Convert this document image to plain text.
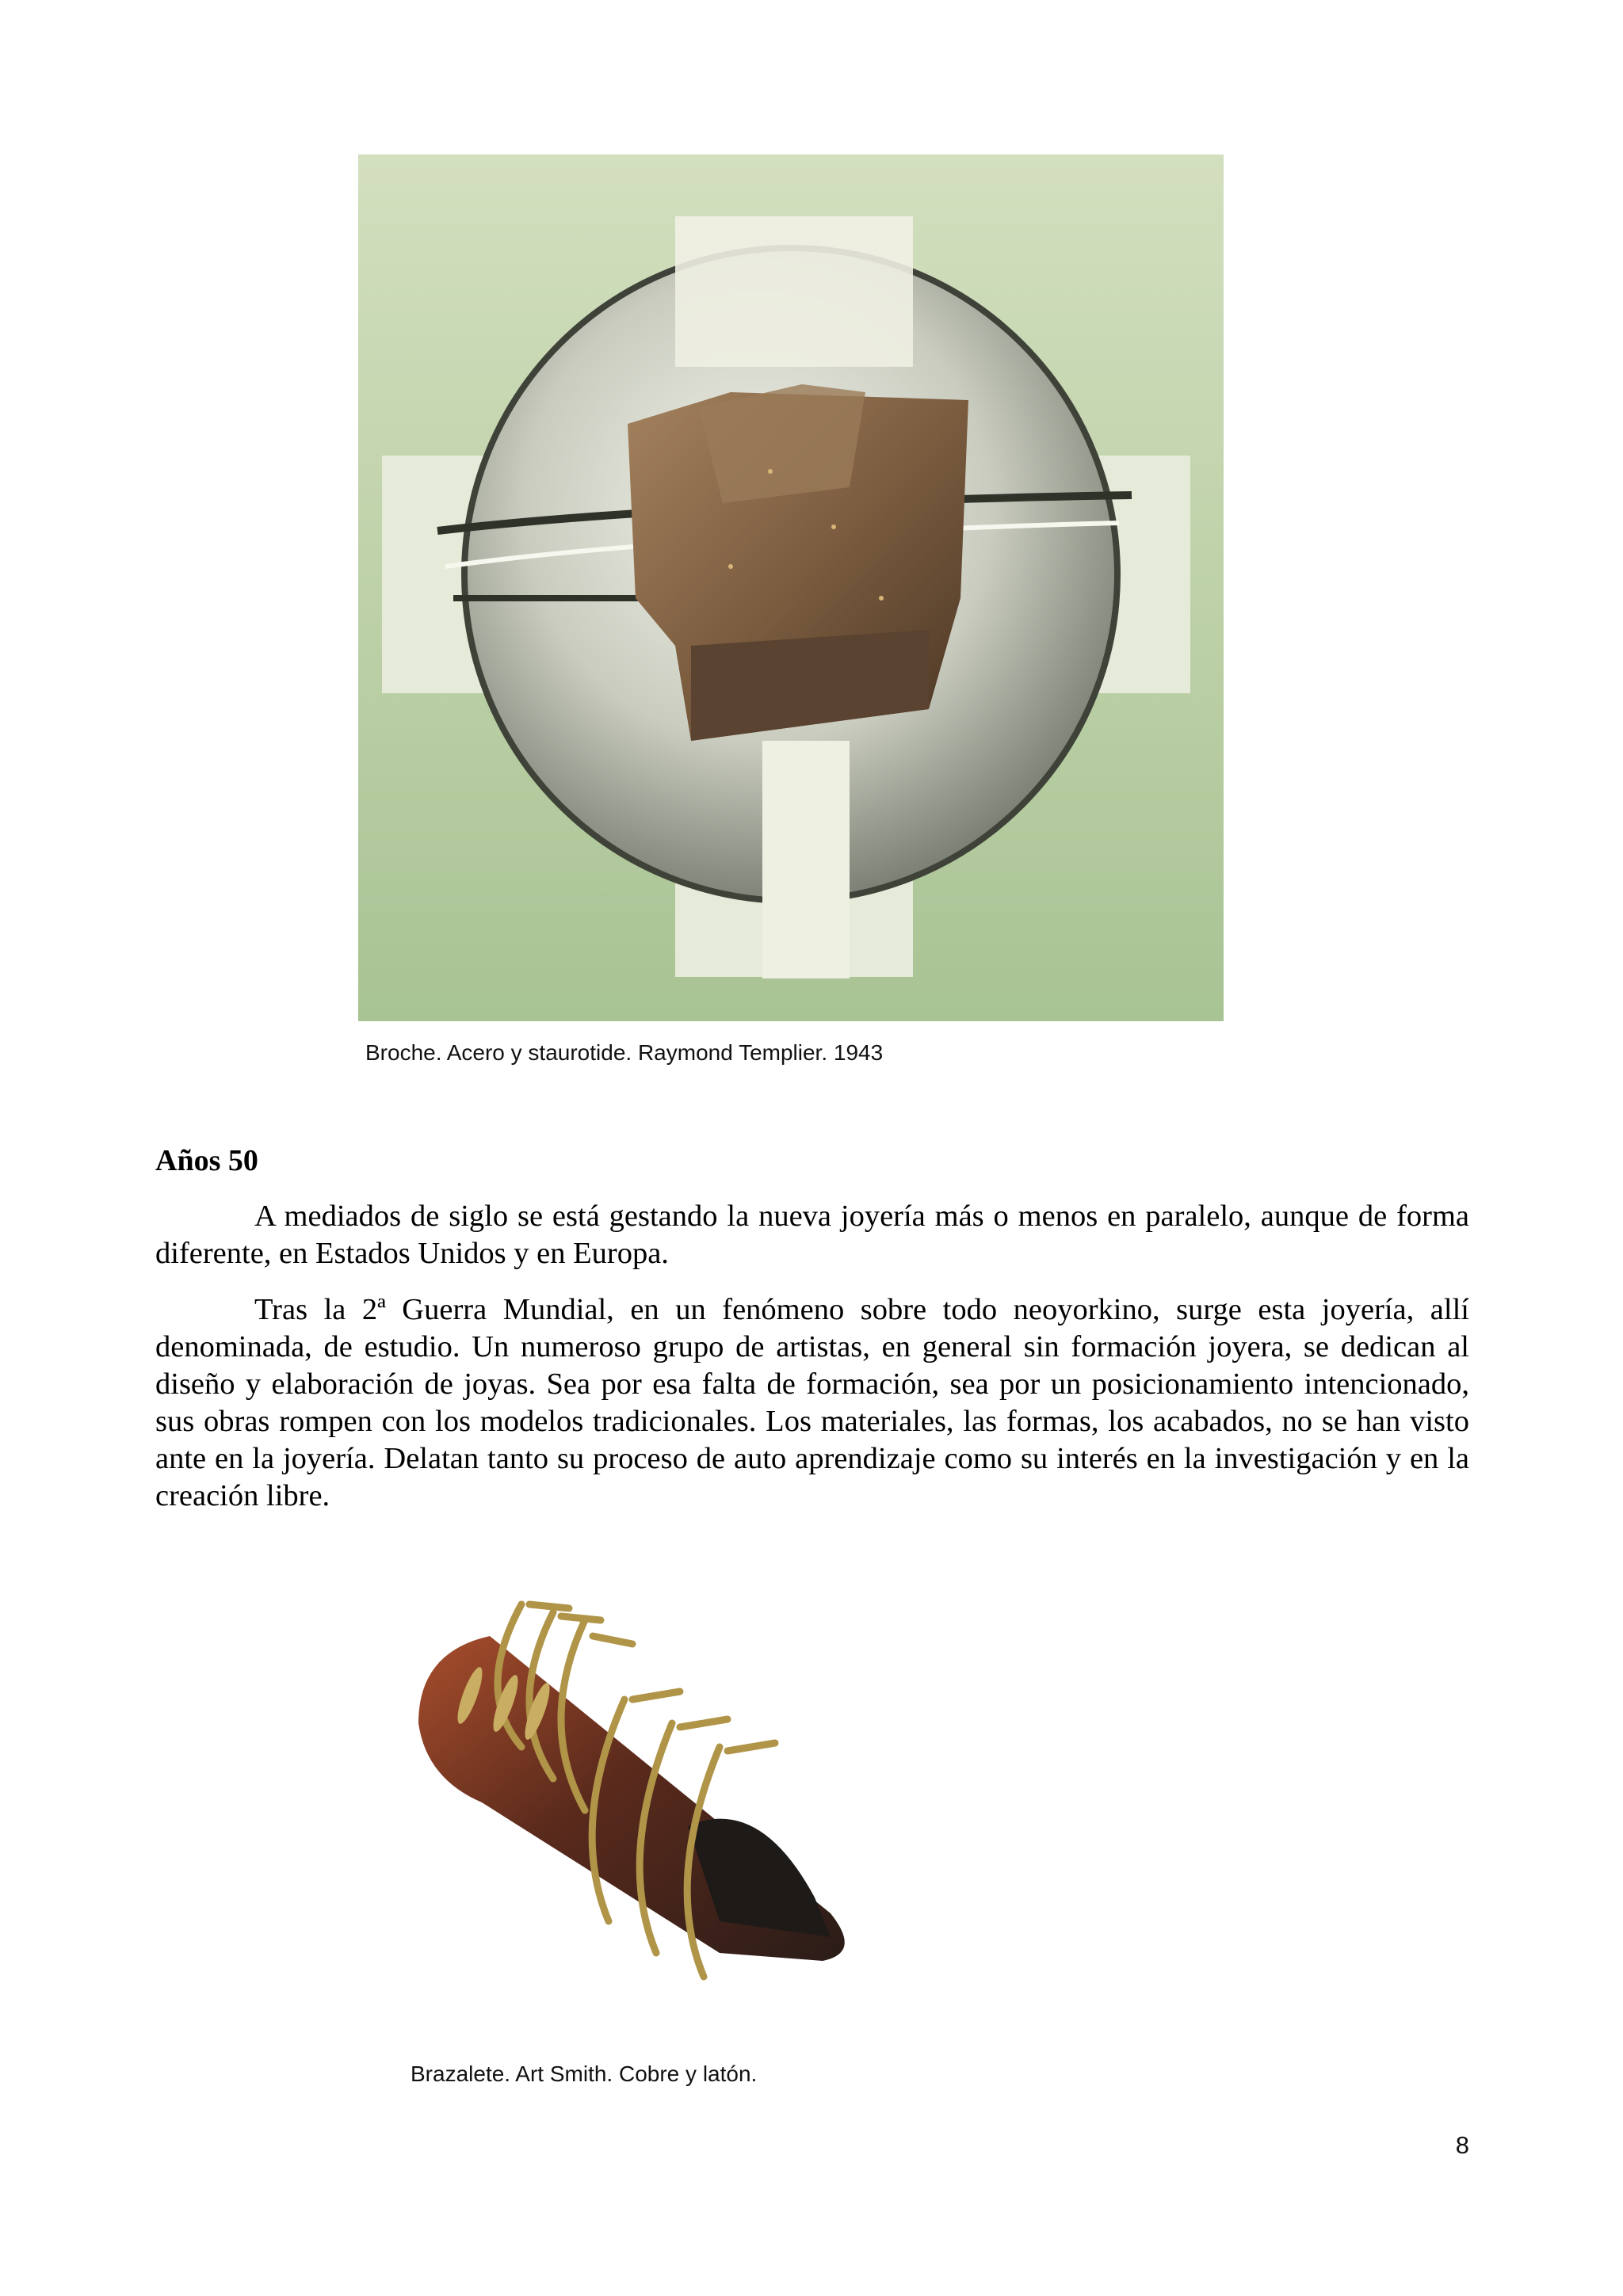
Broche. Acero y staurotide. Raymond Templier. 1943
Años 50

A mediados de siglo se está gestando la nueva joyería más o menos en paralelo, aunque de forma diferente, en Estados Unidos y en Europa.

Tras la 2ª Guerra Mundial, en un fenómeno sobre todo neoyorkino, surge esta joyería, allí denominada, de estudio. Un numeroso grupo de artistas, en general sin formación joyera, se dedican al diseño y elaboración de joyas. Sea por esa falta de formación, sea por un posicionamiento intencionado, sus obras rompen con los modelos tradicionales. Los materiales, las formas, los acabados, no se han visto ante en la joyería. Delatan tanto su proceso de auto aprendizaje como su interés en la investigación y en la creación libre.

Brazalete. Art Smith. Cobre y latón.
8
